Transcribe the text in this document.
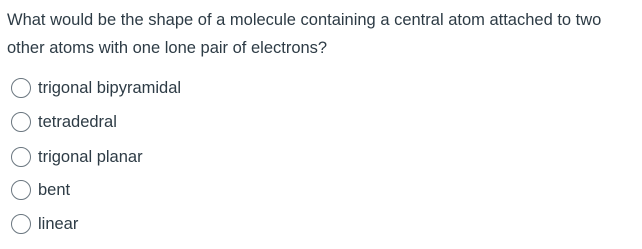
What would be the shape of a molecule containing a central atom attached to two other atoms with one lone pair of electrons?

trigonal bipyramidal
tetradedral
trigonal planar
bent
linear
